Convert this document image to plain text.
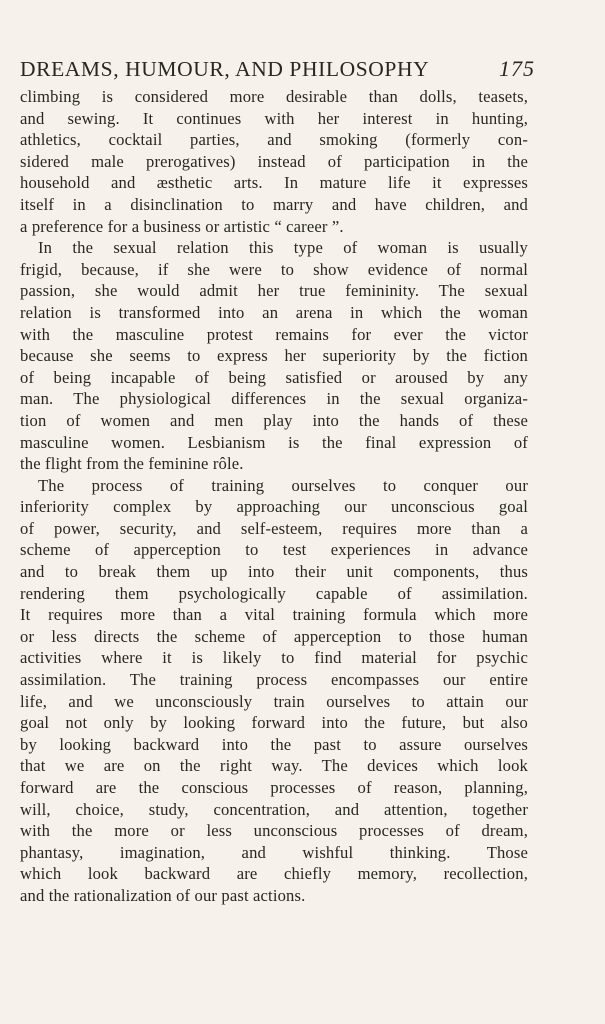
DREAMS, HUMOUR, AND PHILOSOPHY	175
climbing is considered more desirable than dolls, teasets,
and sewing. It continues with her interest in hunting,
athletics, cocktail parties, and smoking (formerly con-
sidered male prerogatives) instead of participation in the
household and æsthetic arts. In mature life it expresses
itself in a disinclination to marry and have children, and
a preference for a business or artistic “ career ”.
In the sexual relation this type of woman is usually
frigid, because, if she were to show evidence of normal
passion, she would admit her true femininity. The sexual
relation is transformed into an arena in which the woman
with the masculine protest remains for ever the victor
because she seems to express her superiority by the fiction
of being incapable of being satisfied or aroused by any
man. The physiological differences in the sexual organiza-
tion of women and men play into the hands of these
masculine women. Lesbianism is the final expression of
the flight from the feminine rôle.
The process of training ourselves to conquer our
inferiority complex by approaching our unconscious goal
of power, security, and self-esteem, requires more than a
scheme of apperception to test experiences in advance
and to break them up into their unit components, thus
rendering them psychologically capable of assimilation.
It requires more than a vital training formula which more
or less directs the scheme of apperception to those human
activities where it is likely to find material for psychic
assimilation. The training process encompasses our entire
life, and we unconsciously train ourselves to attain our
goal not only by looking forward into the future, but also
by looking backward into the past to assure ourselves
that we are on the right way. The devices which look
forward are the conscious processes of reason, planning,
will, choice, study, concentration, and attention, together
with the more or less unconscious processes of dream,
phantasy, imagination, and wishful thinking. Those
which look backward are chiefly memory, recollection,
and the rationalization of our past actions.
